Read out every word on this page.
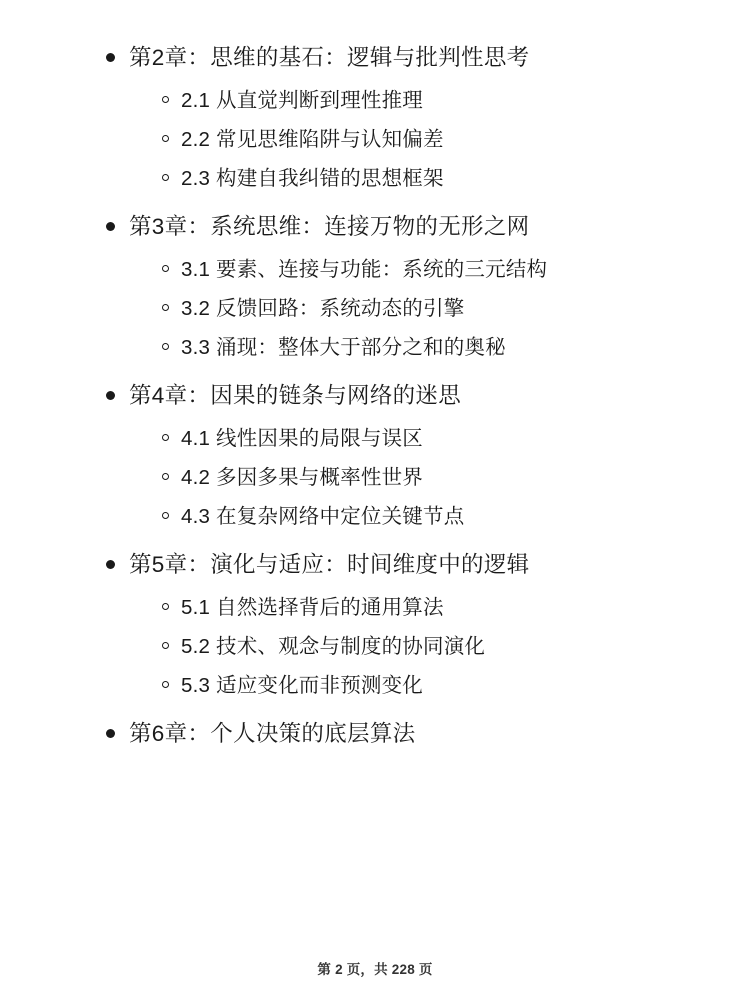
第2章：思维的基石：逻辑与批判性思考
2.1 从直觉判断到理性推理
2.2 常见思维陷阱与认知偏差
2.3 构建自我纠错的思想框架
第3章：系统思维：连接万物的无形之网
3.1 要素、连接与功能：系统的三元结构
3.2 反馈回路：系统动态的引擎
3.3 涌现：整体大于部分之和的奥秘
第4章：因果的链条与网络的迷思
4.1 线性因果的局限与误区
4.2 多因多果与概率性世界
4.3 在复杂网络中定位关键节点
第5章：演化与适应：时间维度中的逻辑
5.1 自然选择背后的通用算法
5.2 技术、观念与制度的协同演化
5.3 适应变化而非预测变化
第6章：个人决策的底层算法
第 2 页，共 228 页
